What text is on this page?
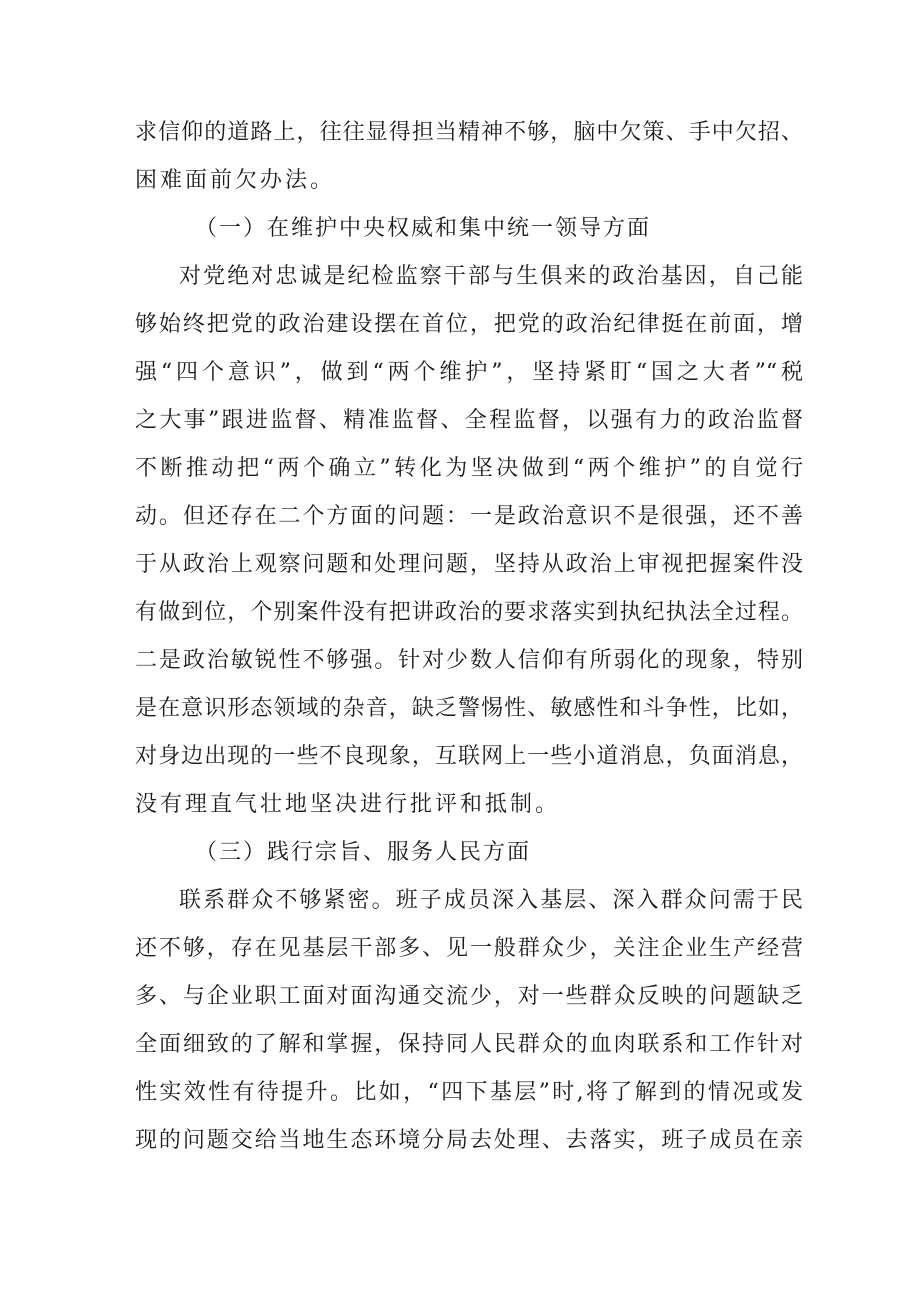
求信仰的道路上，往往显得担当精神不够，脑中欠策、手中欠招、
困难面前欠办法。
（一）在维护中央权威和集中统一领导方面
对党绝对忠诚是纪检监察干部与生俱来的政治基因，自己能
够始终把党的政治建设摆在首位，把党的政治纪律挺在前面，增
强“四个意识”，做到“两个维护”，坚持紧盯“国之大者”“税
之大事”跟进监督、精准监督、全程监督，以强有力的政治监督
不断推动把“两个确立”转化为坚决做到“两个维护”的自觉行
动。但还存在二个方面的问题：一是政治意识不是很强，还不善
于从政治上观察问题和处理问题，坚持从政治上审视把握案件没
有做到位，个别案件没有把讲政治的要求落实到执纪执法全过程。
二是政治敏锐性不够强。针对少数人信仰有所弱化的现象，特别
是在意识形态领域的杂音，缺乏警惕性、敏感性和斗争性，比如，
对身边出现的一些不良现象，互联网上一些小道消息，负面消息，
没有理直气壮地坚决进行批评和抵制。
（三）践行宗旨、服务人民方面
联系群众不够紧密。班子成员深入基层、深入群众问需于民
还不够，存在见基层干部多、见一般群众少，关注企业生产经营
多、与企业职工面对面沟通交流少，对一些群众反映的问题缺乏
全面细致的了解和掌握，保持同人民群众的血肉联系和工作针对
性实效性有待提升。比如，“四下基层”时,将了解到的情况或发
现的问题交给当地生态环境分局去处理、去落实，班子成员在亲
